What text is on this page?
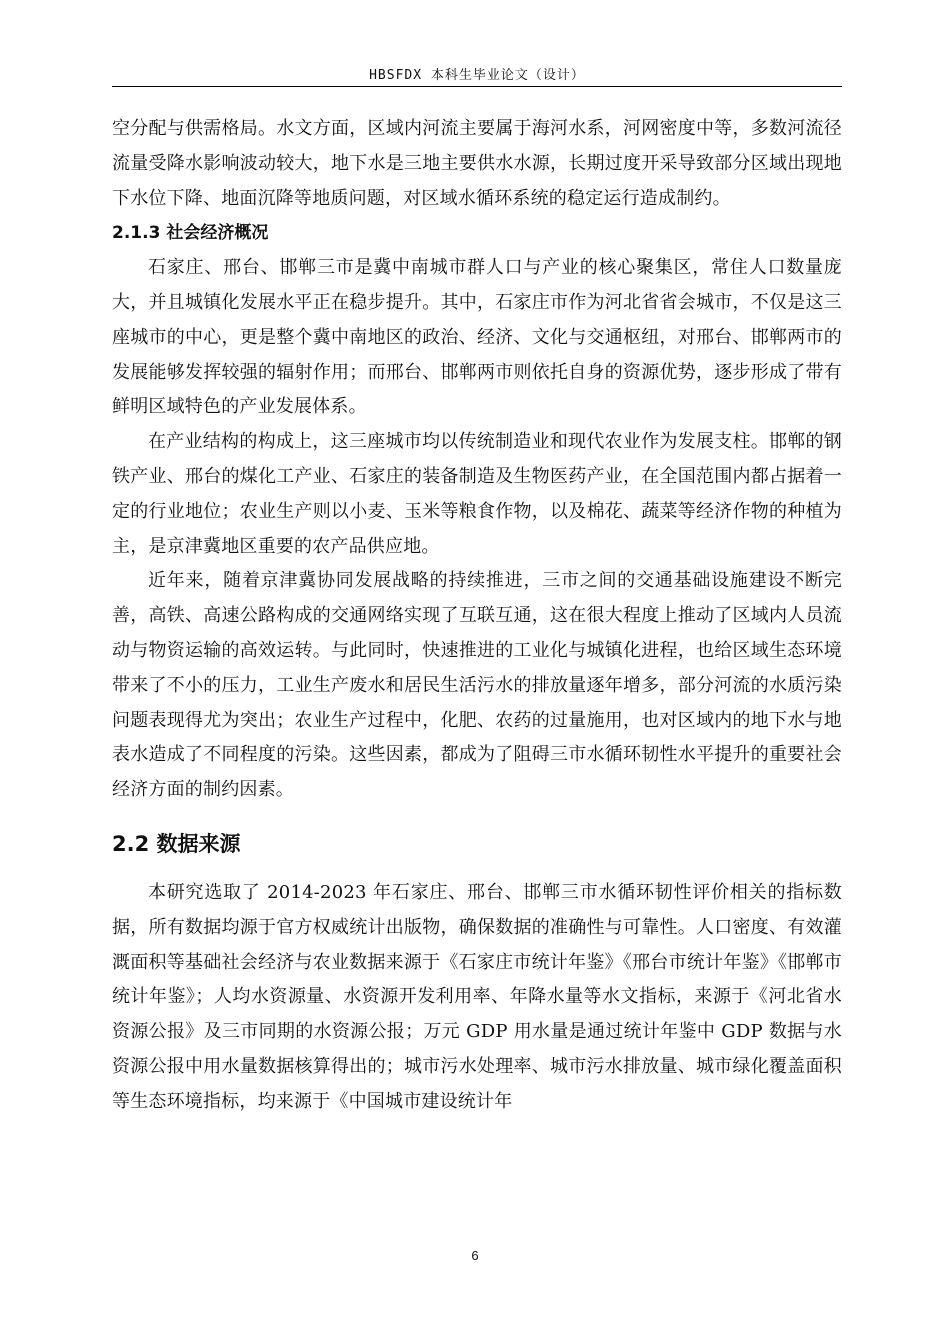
HBSFDX 本科生毕业论文（设计）

空分配与供需格局。水文方面，区域内河流主要属于海河水系，河网密度中等，多数河流径流量受降水影响波动较大，地下水是三地主要供水水源，长期过度开采导致部分区域出现地下水位下降、地面沉降等地质问题，对区域水循环系统的稳定运行造成制约。

2.1.3 社会经济概况

石家庄、邢台、邯郸三市是冀中南城市群人口与产业的核心聚集区，常住人口数量庞大，并且城镇化发展水平正在稳步提升。其中，石家庄市作为河北省省会城市，不仅是这三座城市的中心，更是整个冀中南地区的政治、经济、文化与交通枢纽，对邢台、邯郸两市的发展能够发挥较强的辐射作用；而邢台、邯郸两市则依托自身的资源优势，逐步形成了带有鲜明区域特色的产业发展体系。

在产业结构的构成上，这三座城市均以传统制造业和现代农业作为发展支柱。邯郸的钢铁产业、邢台的煤化工产业、石家庄的装备制造及生物医药产业，在全国范围内都占据着一定的行业地位；农业生产则以小麦、玉米等粮食作物，以及棉花、蔬菜等经济作物的种植为主，是京津冀地区重要的农产品供应地。

近年来，随着京津冀协同发展战略的持续推进，三市之间的交通基础设施建设不断完善，高铁、高速公路构成的交通网络实现了互联互通，这在很大程度上推动了区域内人员流动与物资运输的高效运转。与此同时，快速推进的工业化与城镇化进程，也给区域生态环境带来了不小的压力，工业生产废水和居民生活污水的排放量逐年增多，部分河流的水质污染问题表现得尤为突出；农业生产过程中，化肥、农药的过量施用，也对区域内的地下水与地表水造成了不同程度的污染。这些因素，都成为了阻碍三市水循环韧性水平提升的重要社会经济方面的制约因素。

2.2 数据来源

本研究选取了 2014-2023 年石家庄、邢台、邯郸三市水循环韧性评价相关的指标数据，所有数据均源于官方权威统计出版物，确保数据的准确性与可靠性。人口密度、有效灌溉面积等基础社会经济与农业数据来源于《石家庄市统计年鉴》《邢台市统计年鉴》《邯郸市统计年鉴》；人均水资源量、水资源开发利用率、年降水量等水文指标，来源于《河北省水资源公报》及三市同期的水资源公报；万元 GDP 用水量是通过统计年鉴中 GDP 数据与水资源公报中用水量数据核算得出的；城市污水处理率、城市污水排放量、城市绿化覆盖面积等生态环境指标，均来源于《中国城市建设统计年

6
